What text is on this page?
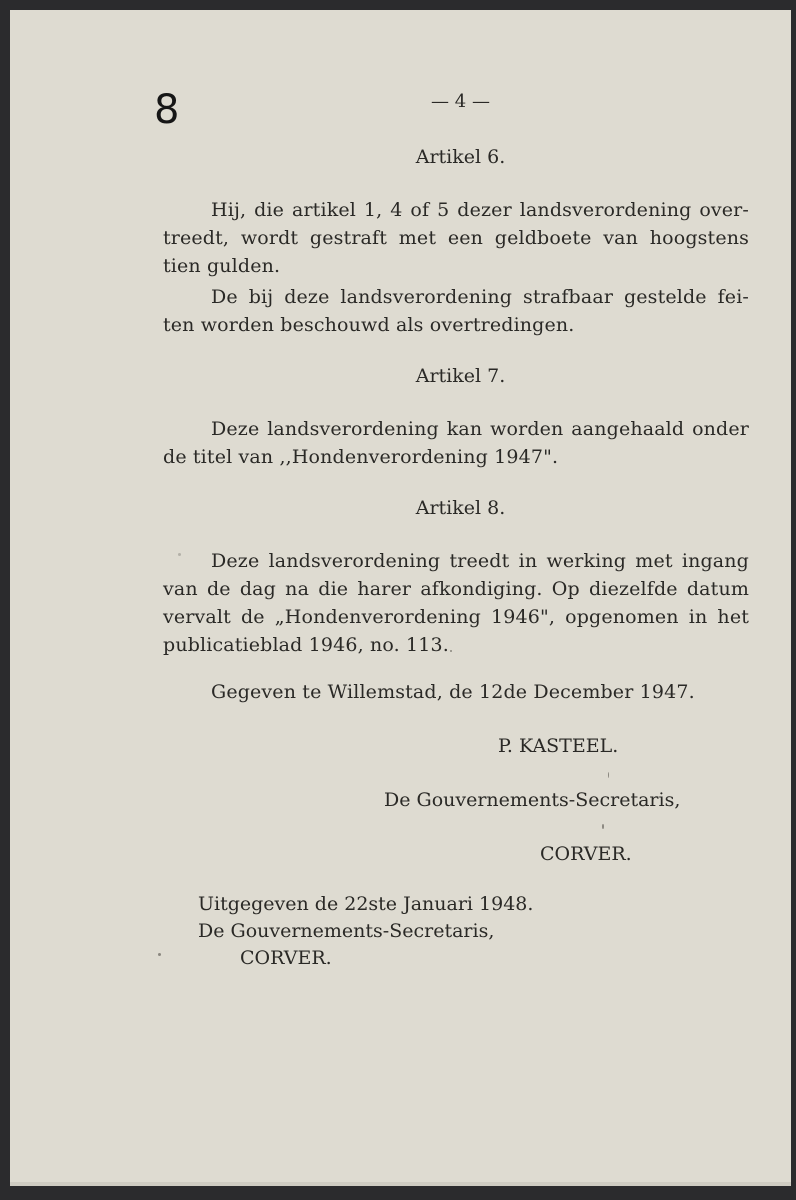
8	— 4 —
Artikel 6.
Hij, die artikel 1, 4 of 5 dezer landsverordening over-
treedt, wordt gestraft met een geldboete van hoogstens
tien gulden.
De bij deze landsverordening strafbaar gestelde fei-
ten worden beschouwd als overtredingen.
Artikel 7.
Deze landsverordening kan worden aangehaald onder
de titel van ,,Hondenverordening 1947".
Artikel 8.
Deze landsverordening treedt in werking met ingang
van de dag na die harer afkondiging. Op diezelfde datum
vervalt de „Hondenverordening 1946", opgenomen in het
publicatieblad 1946, no. 113.
Gegeven te Willemstad, de 12de December 1947.
P. KASTEEL.
De Gouvernements-Secretaris,
CORVER.
Uitgegeven de 22ste Januari 1948.
De Gouvernements-Secretaris,
CORVER.
